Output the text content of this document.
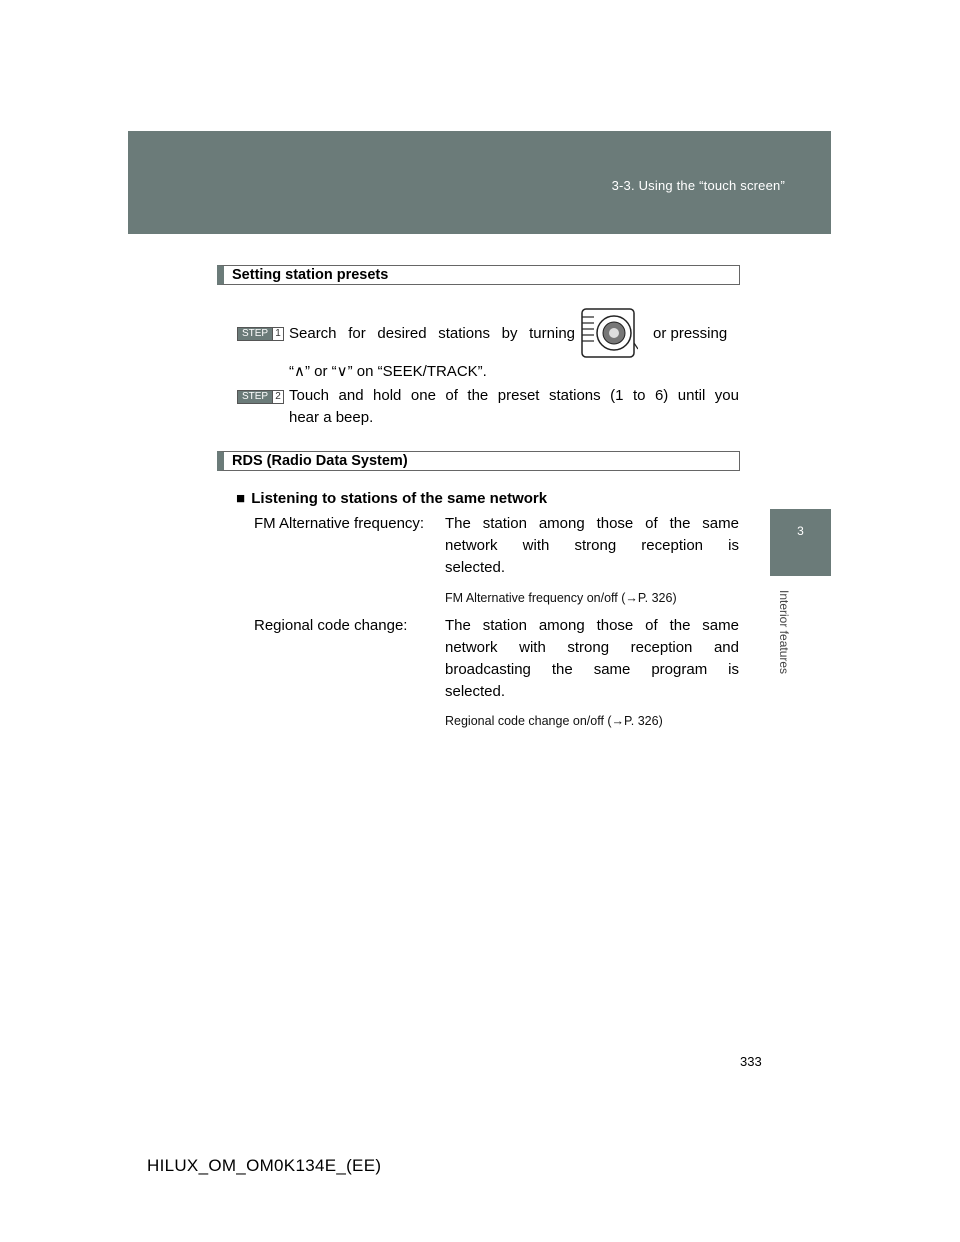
3-3. Using the “touch screen”
3
Interior features
Setting station presets
STEP 1 Search for desired stations by turning	or pressing
“∧” or “∨” on “SEEK/TRACK”.
STEP 2 Touch and hold one of the preset stations (1 to 6) until you
hear a beep.
RDS (Radio Data System)
■ Listening to stations of the same network
FM Alternative frequency: The station among those of the same
network with strong reception is
selected.
FM Alternative frequency on/off (→P. 326)
Regional code change:	The station among those of the same
network with strong reception and
broadcasting the same program is
selected.
Regional code change on/off (→P. 326)
333
HILUX_OM_OM0K134E_(EE)
